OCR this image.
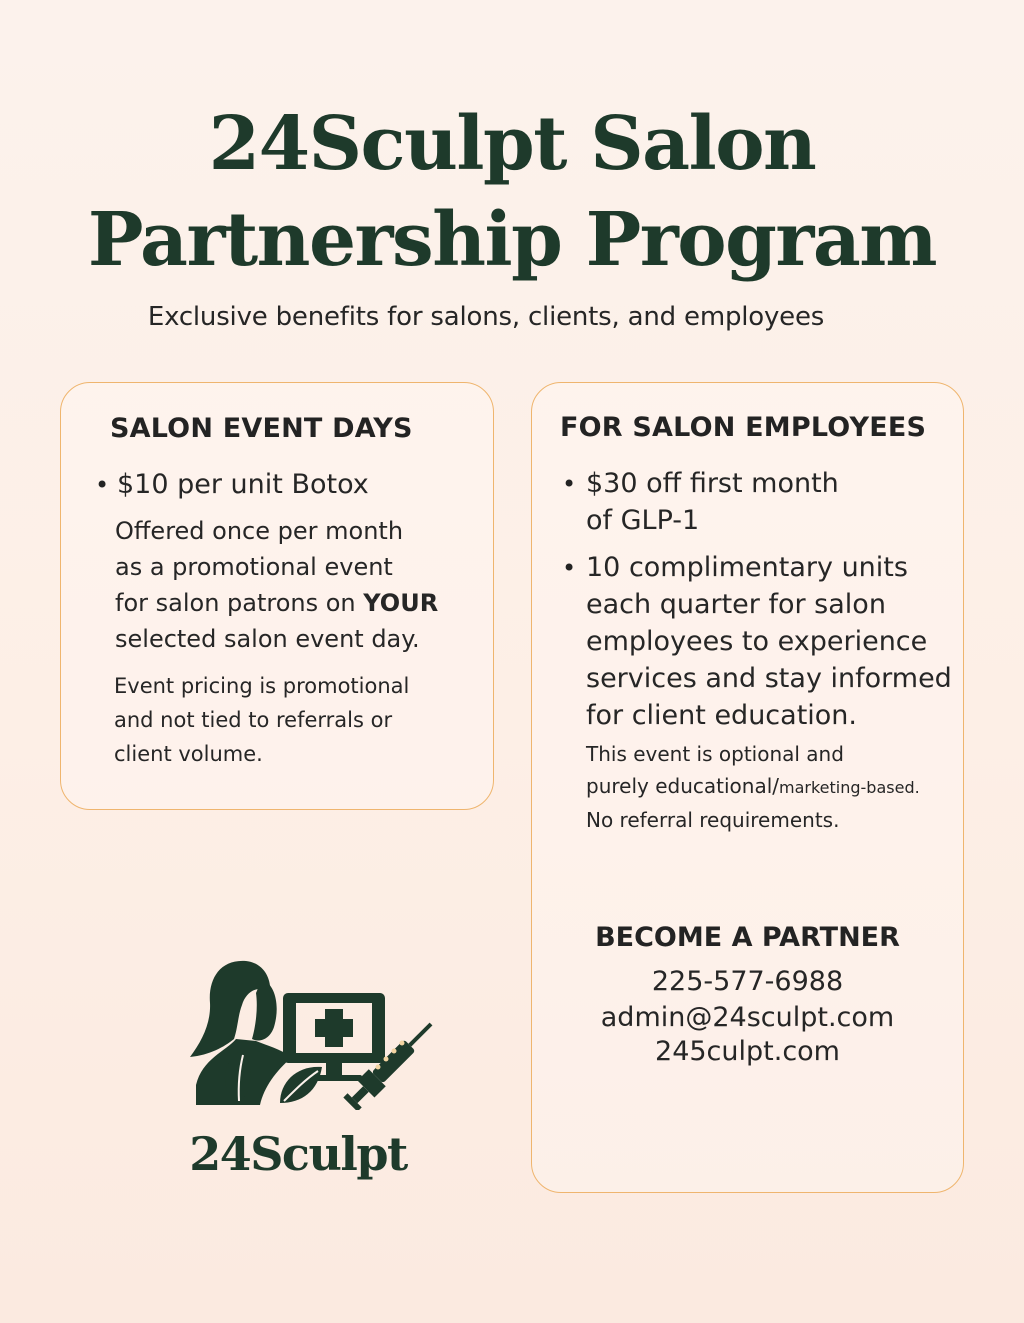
24Sculpt Salon
Partnership Program
Exclusive benefits for salons, clients, and employees
SALON EVENT DAYS
• $10 per unit Botox
Offered once per month
as a promotional event
for salon patrons on YOUR
selected salon event day.
Event pricing is promotional
and not tied to referrals or
client volume.
FOR SALON EMPLOYEES
• $30 off first month
of GLP-1
• 10 complimentary units
each quarter for salon
employees to experience
services and stay informed
for client education.
This event is optional and
purely educational/marketing-based.
No referral requirements.
BECOME A PARTNER
225-577-6988
admin@24sculpt.com
245culpt.com
24Sculpt
